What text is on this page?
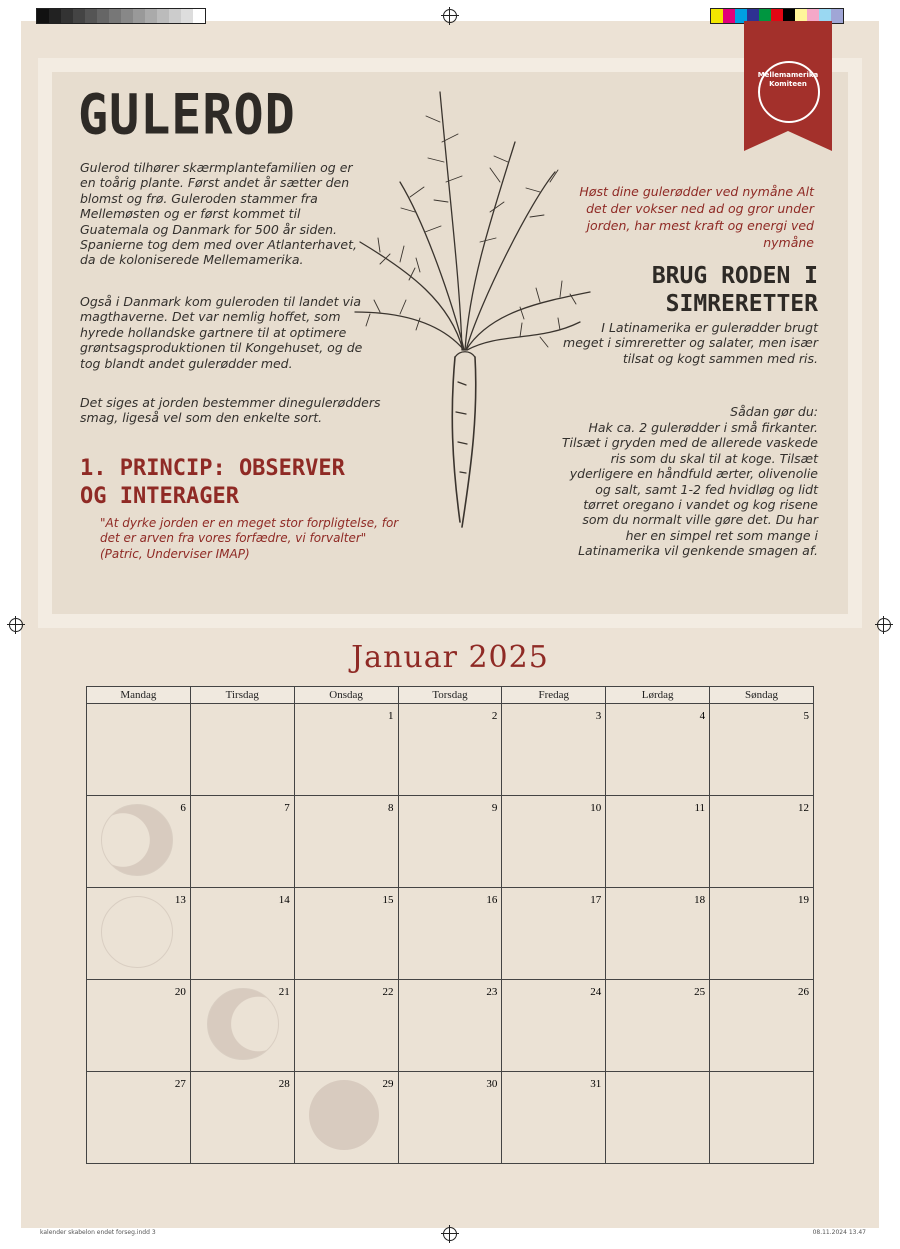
kalender skabelon endet forseg.indd 3	08.11.2024 13.47
Mellemamerika Komiteen
GULEROD
Gulerod tilhører skærmplantefamilien og er en toårig plante. Først andet år sætter den blomst og frø. Guleroden stammer fra Mellemøsten og er først kommet til Guatemala og Danmark for 500 år siden. Spanierne tog dem med over Atlanterhavet, da de koloniserede Mellemamerika.
Også i Danmark kom guleroden til landet via magthaverne. Det var nemlig hoffet, som hyrede hollandske gartnere til at optimere grøntsagsproduktionen til Kongehuset, og de tog blandt andet gulerødder med.
Det siges at jorden bestemmer dinegulerødders smag, ligeså vel som den enkelte sort.
1. PRINCIP: OBSERVER OG INTERAGER
"At dyrke jorden er en meget stor forpligtelse, for det er arven fra vores forfædre, vi forvalter" (Patric, Underviser IMAP)
Høst dine gulerødder ved nymåne Alt det der vokser ned ad og gror under jorden, har mest kraft og energi ved nymåne
BRUG RODEN I SIMRERETTER
I Latinamerika er gulerødder brugt meget i simreretter og salater, men især tilsat og kogt sammen med ris.
Sådan gør du:
Hak ca. 2 gulerødder i små firkanter. Tilsæt i gryden med de allerede vaskede ris som du skal til at koge. Tilsæt yderligere en håndfuld ærter, olivenolie og salt, samt 1-2 fed hvidløg og lidt tørret oregano i vandet og kog risene som du normalt ville gøre det. Du har her en simpel ret som mange i Latinamerika vil genkende smagen af.
Januar 2025
Mandag	Tirsdag	Onsdag	Torsdag	Fredag	Lørdag	Søndag
		1	2	3	4	5
6	7	8	9	10	11	12
13	14	15	16	17	18	19
20	21	22	23	24	25	26
27	28	29	30	31		
